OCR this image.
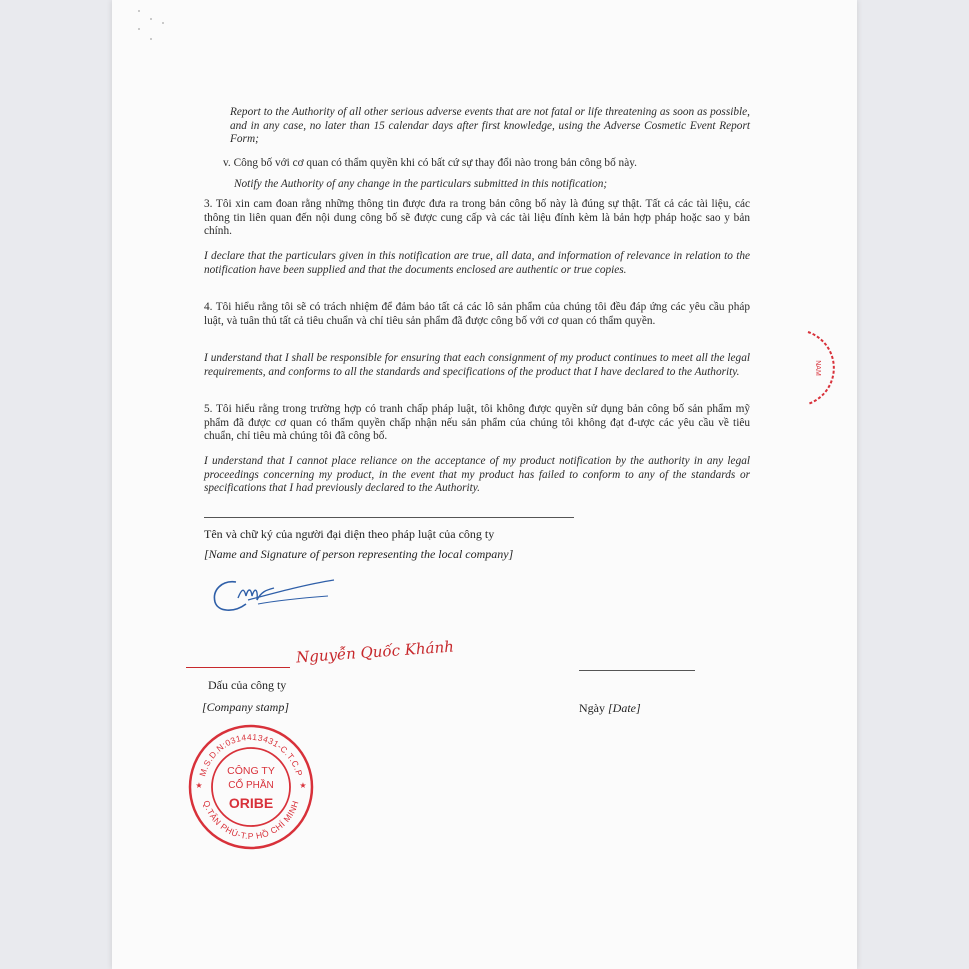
Report to the Authority of all other serious adverse events that are not fatal or life threatening as soon as possible, and in any case, no later than 15 calendar days after first knowledge, using the Adverse Cosmetic Event Report Form;

v. Công bố với cơ quan có thẩm quyền khi có bất cứ sự thay đổi nào trong bản công bố này.

Notify the Authority of any change in the particulars submitted in this notification;

3. Tôi xin cam đoan rằng những thông tin được đưa ra trong bản công bố này là đúng sự thật. Tất cả các tài liệu, các thông tin liên quan đến nội dung công bố sẽ được cung cấp và các tài liệu đính kèm là bản hợp pháp hoặc sao y bản chính.

I declare that the particulars given in this notification are true, all data, and information of relevance in relation to the notification have been supplied and that the documents enclosed are authentic or true copies.

4. Tôi hiểu rằng tôi sẽ có trách nhiệm để đảm bảo tất cả các lô sản phẩm của chúng tôi đều đáp ứng các yêu cầu pháp luật, và tuân thủ tất cả tiêu chuẩn và chỉ tiêu sản phẩm đã được công bố với cơ quan có thẩm quyền.

I understand that I shall be responsible for ensuring that each consignment of my product continues to meet all the legal requirements, and conforms to all the standards and specifications of the product that I have declared to the Authority.

5. Tôi hiểu rằng trong trường hợp có tranh chấp pháp luật, tôi không được quyền sử dụng bản công bố sản phẩm mỹ phẩm đã được cơ quan có thẩm quyền chấp nhận nếu sản phẩm của chúng tôi không đạt đ-ược các yêu cầu về tiêu chuẩn, chỉ tiêu mà chúng tôi đã công bố.

I understand that I cannot place reliance on the acceptance of my product notification by the authority in any legal proceedings concerning my product, in the event that my product has failed to conform to any of the standards or specifications that I had previously declared to the Authority.

Tên và chữ ký của người đại diện theo pháp luật của công ty

[Name and Signature of person representing the local company]

Nguyễn Quốc Khánh

Dấu của công ty

[Company stamp]	Ngày [Date]

M.S.D.N:0314413431-C.T.C.P
Q.TÂN PHÚ-T.P HỒ CHÍ MINH
CÔNG TY
CỔ PHẦN
ORIBE
★	★
NAM
